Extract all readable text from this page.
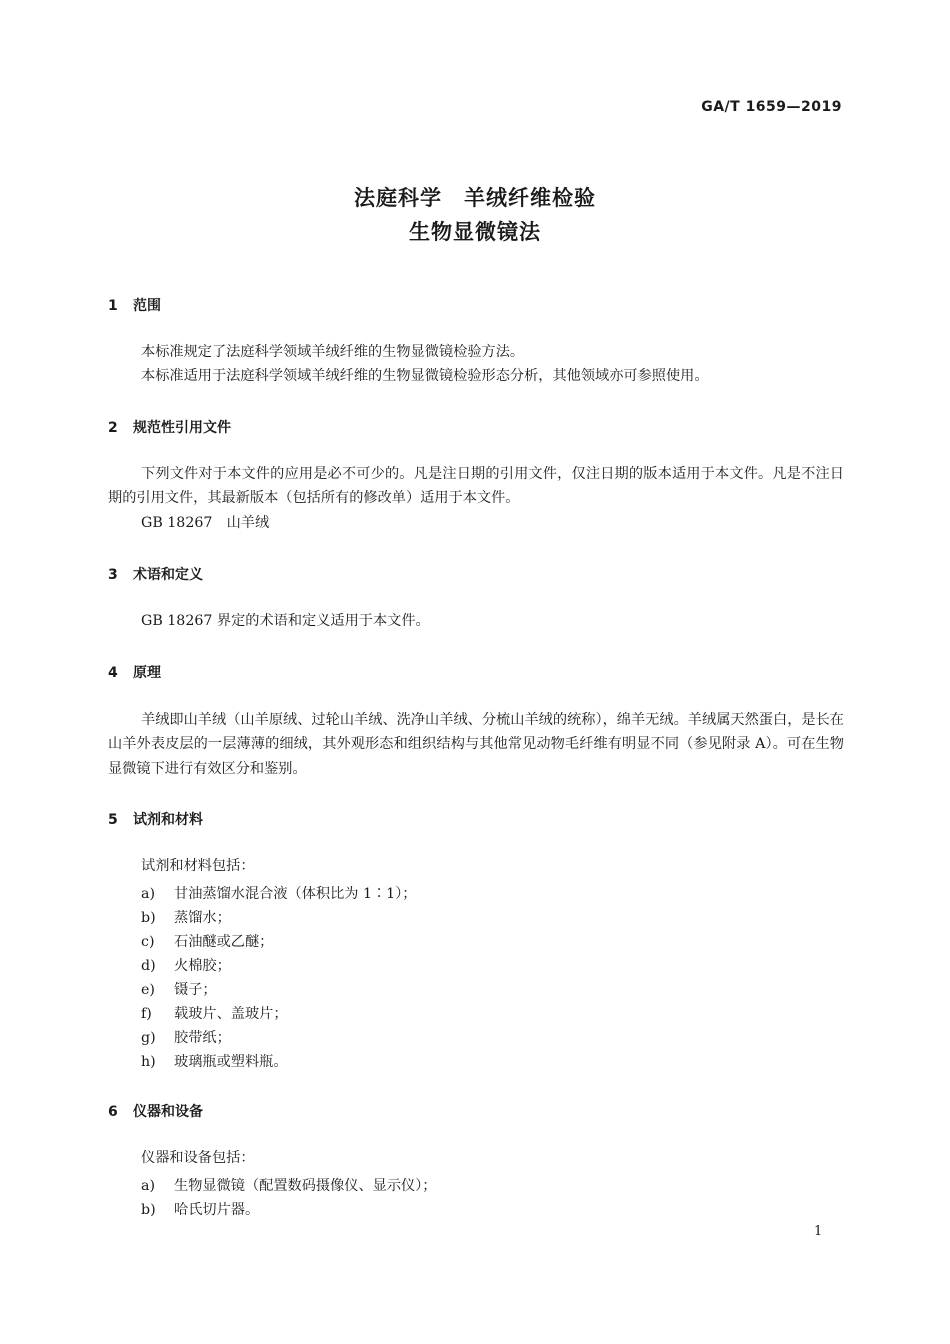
GA/T 1659—2019
法庭科学　羊绒纤维检验
生物显微镜法
1 范围
本标准规定了法庭科学领域羊绒纤维的生物显微镜检验方法。
本标准适用于法庭科学领域羊绒纤维的生物显微镜检验形态分析，其他领域亦可参照使用。
2 规范性引用文件
下列文件对于本文件的应用是必不可少的。凡是注日期的引用文件，仅注日期的版本适用于本文件。凡是不注日期的引用文件，其最新版本（包括所有的修改单）适用于本文件。
GB 18267　山羊绒
3 术语和定义
GB 18267 界定的术语和定义适用于本文件。
4 原理
羊绒即山羊绒（山羊原绒、过轮山羊绒、洗净山羊绒、分梳山羊绒的统称），绵羊无绒。羊绒属天然蛋白，是长在山羊外表皮层的一层薄薄的细绒，其外观形态和组织结构与其他常见动物毛纤维有明显不同（参见附录 A）。可在生物显微镜下进行有效区分和鉴别。
5 试剂和材料
试剂和材料包括：
a) 甘油蒸馏水混合液（体积比为 1∶1）；
b) 蒸馏水；
c) 石油醚或乙醚；
d) 火棉胶；
e) 镊子；
f) 载玻片、盖玻片；
g) 胶带纸；
h) 玻璃瓶或塑料瓶。
6 仪器和设备
仪器和设备包括：
a) 生物显微镜（配置数码摄像仪、显示仪）；
b) 哈氏切片器。
1
